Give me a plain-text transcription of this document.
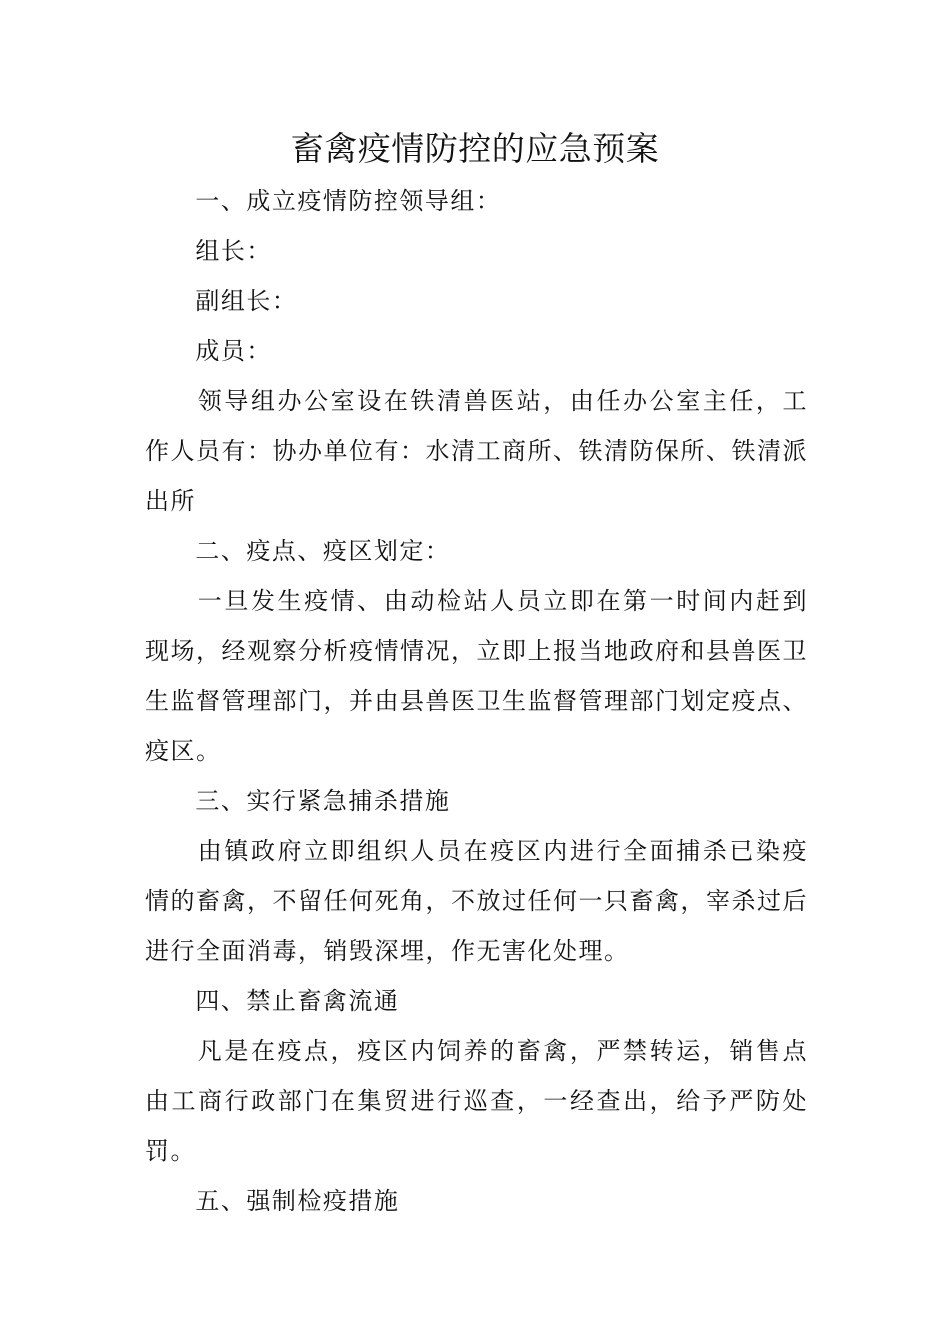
畜禽疫情防控的应急预案

一、成立疫情防控领导组：

组长：

副组长：

成员：

领导组办公室设在铁清兽医站，由任办公室主任，工作人员有：协办单位有：水清工商所、铁清防保所、铁清派出所

二、疫点、疫区划定：

一旦发生疫情、由动检站人员立即在第一时间内赶到现场，经观察分析疫情情况，立即上报当地政府和县兽医卫生监督管理部门，并由县兽医卫生监督管理部门划定疫点、疫区。

三、实行紧急捕杀措施

由镇政府立即组织人员在疫区内进行全面捕杀已染疫情的畜禽，不留任何死角，不放过任何一只畜禽，宰杀过后进行全面消毒，销毁深埋，作无害化处理。

四、禁止畜禽流通

凡是在疫点，疫区内饲养的畜禽，严禁转运，销售点由工商行政部门在集贸进行巡查，一经查出，给予严防处罚。

五、强制检疫措施
